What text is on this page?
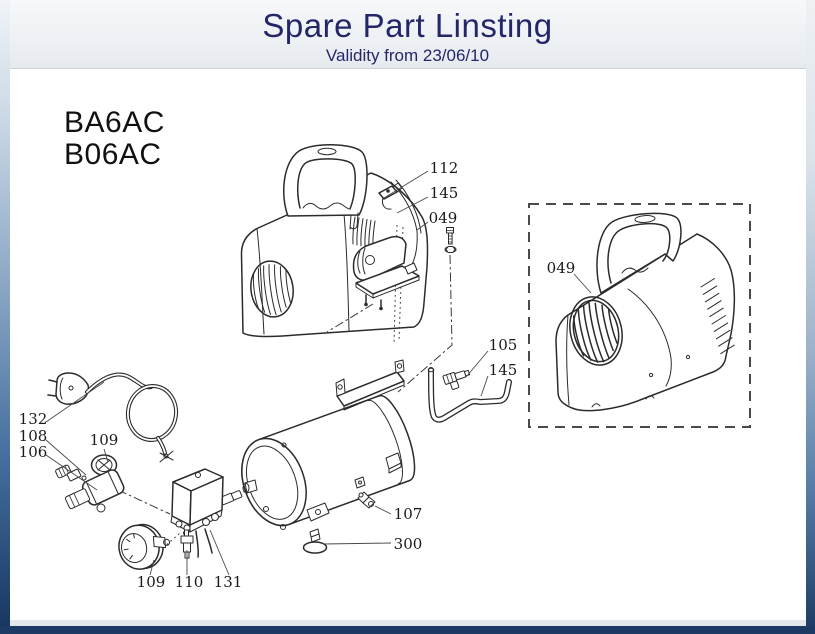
Spare Part Linsting
Validity from 23/06/10
BA6AC
B06AC	112
145
049
049
105
145
132
108
106
109
107
300
109 110 131
